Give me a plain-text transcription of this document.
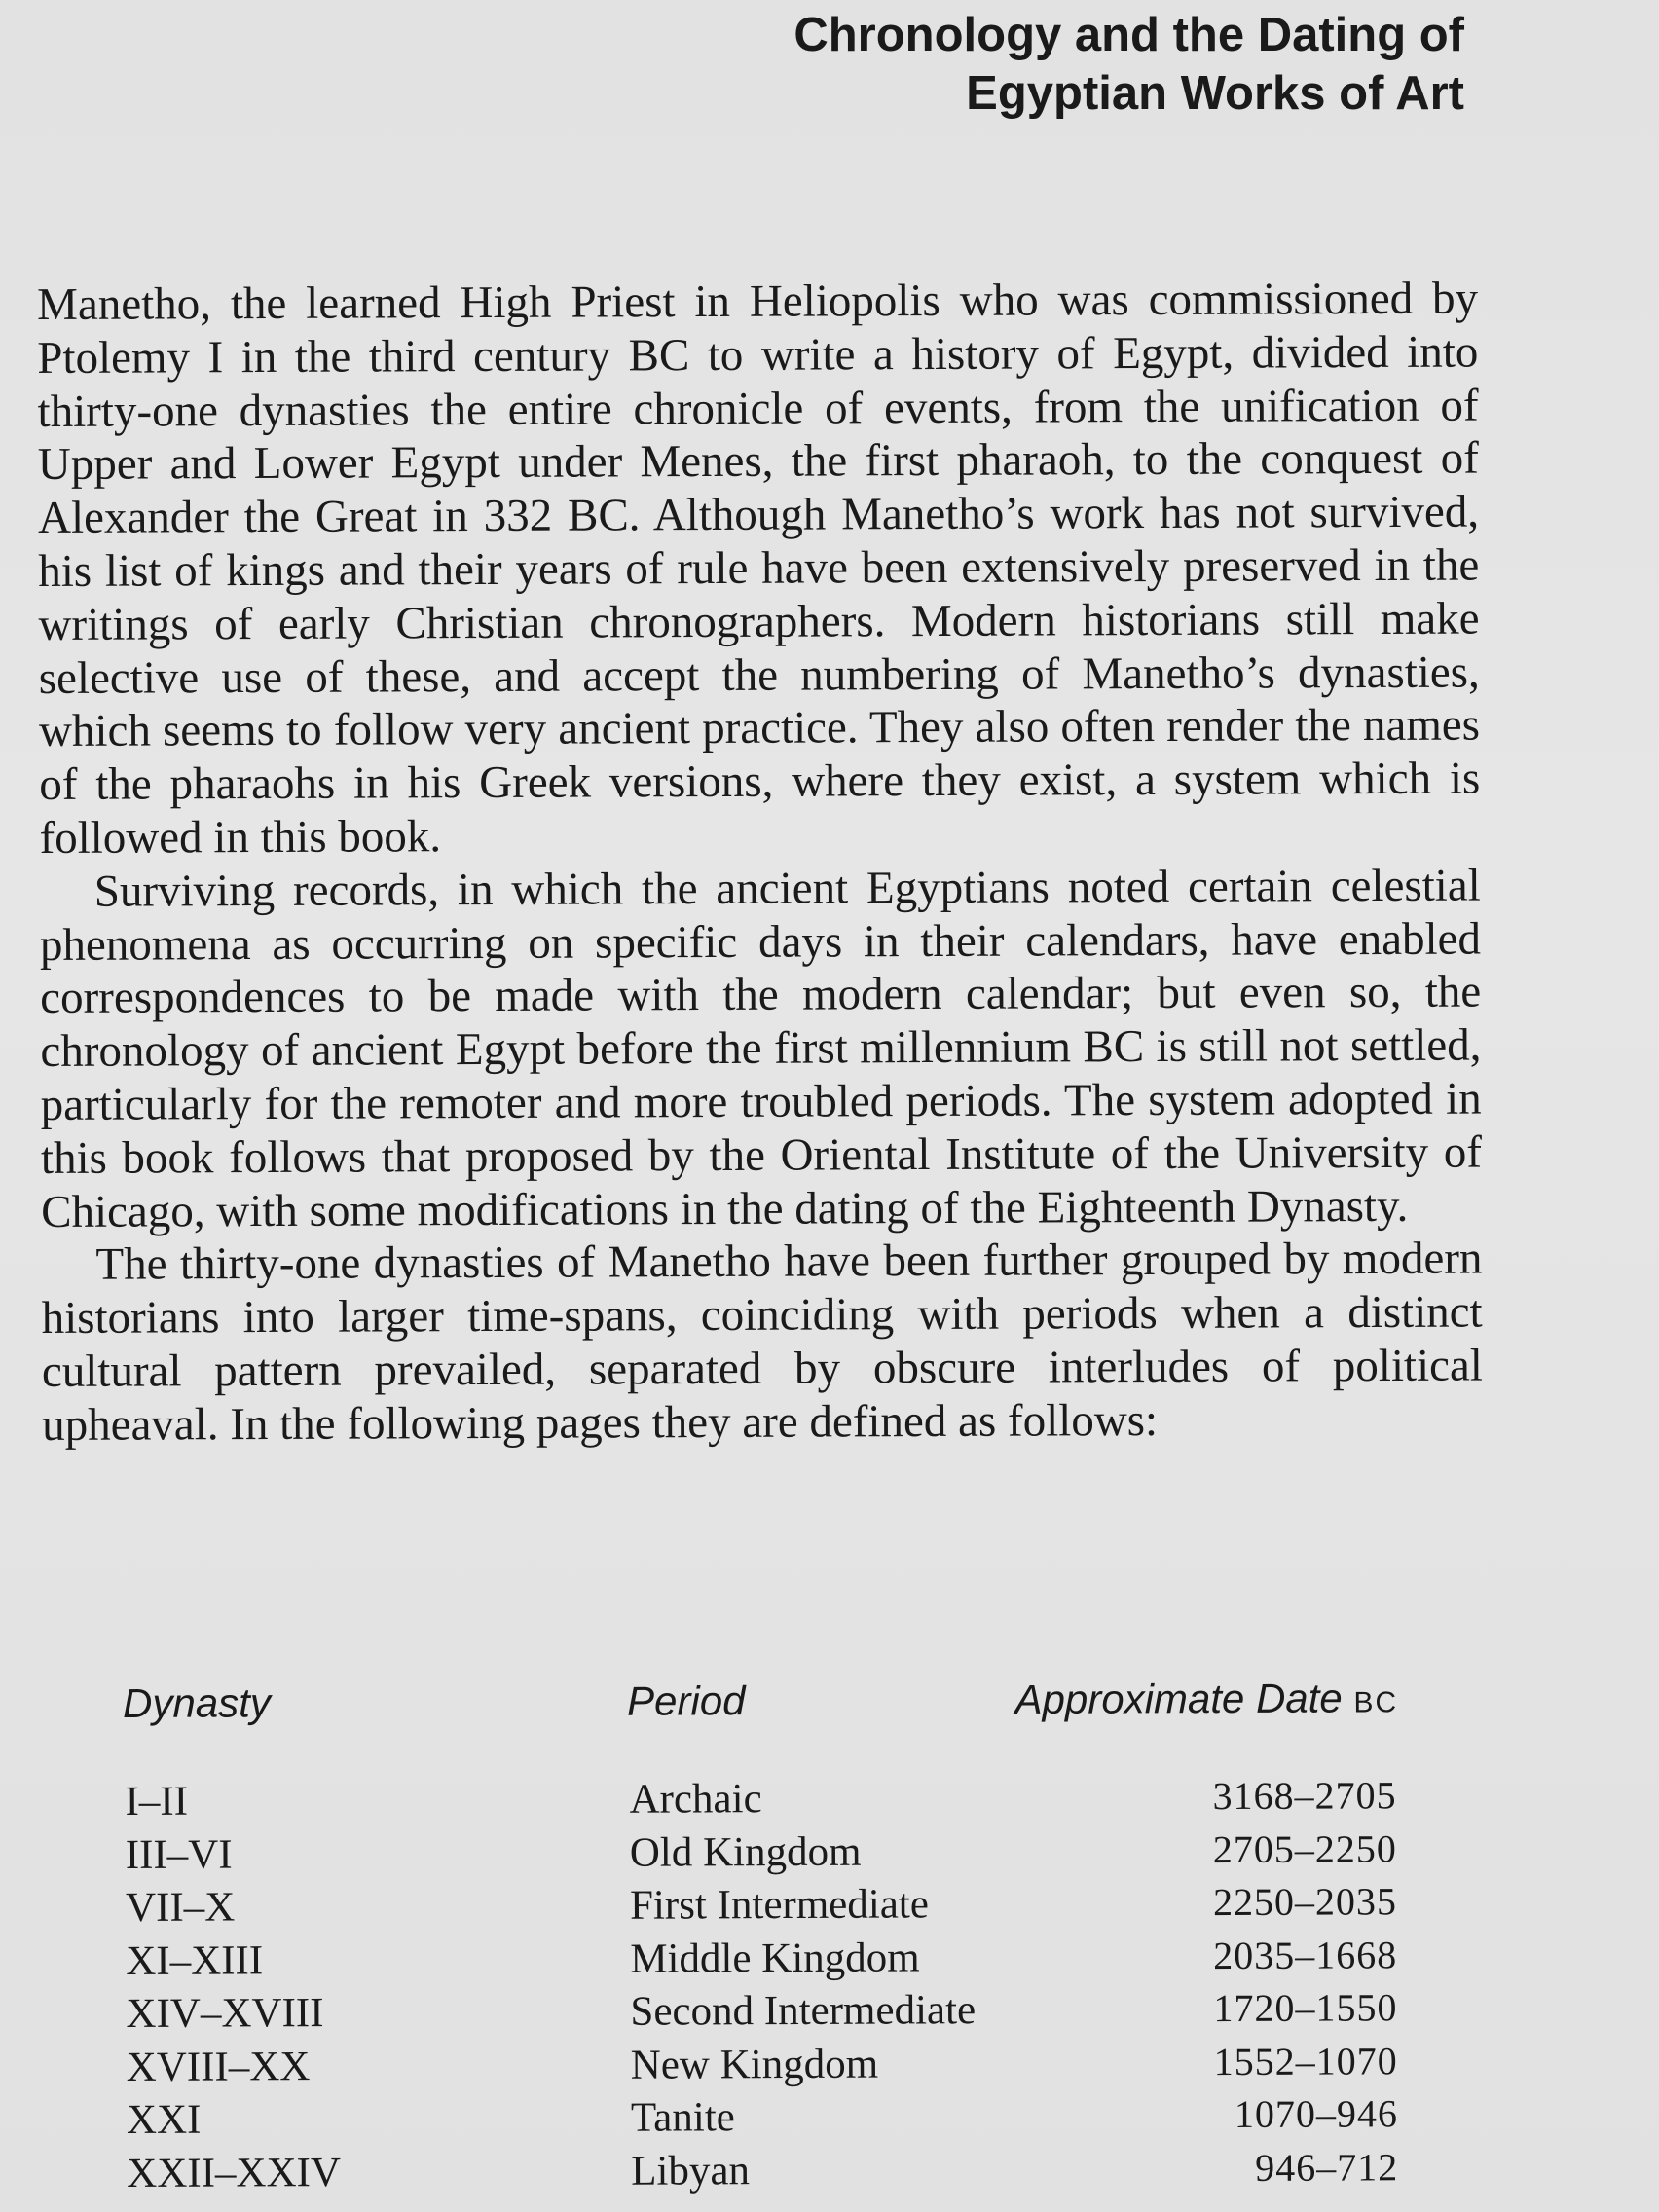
Chronology and the Dating of
Egyptian Works of Art

Manetho, the learned High Priest in Heliopolis who was commissioned by Ptolemy I in the third century BC to write a history of Egypt, divided into thirty-one dynasties the entire chronicle of events, from the unification of Upper and Lower Egypt under Menes, the first pharaoh, to the conquest of Alexander the Great in 332 BC. Although Manetho’s work has not survived, his list of kings and their years of rule have been extensively preserved in the writings of early Christian chronographers. Modern historians still make selective use of these, and accept the numbering of Manetho’s dynasties, which seems to follow very ancient practice. They also often render the names of the pharaohs in his Greek versions, where they exist, a system which is followed in this book.

Surviving records, in which the ancient Egyptians noted certain celestial phenomena as occurring on specific days in their calendars, have enabled correspondences to be made with the modern calendar; but even so, the chronology of ancient Egypt before the first millennium BC is still not settled, particularly for the remoter and more troubled periods. The system adopted in this book follows that proposed by the Oriental Institute of the University of Chicago, with some modifications in the dating of the Eighteenth Dynasty.

The thirty-one dynasties of Manetho have been further grouped by modern historians into larger time-spans, coinciding with periods when a distinct cultural pattern prevailed, separated by obscure interludes of political upheaval. In the following pages they are defined as follows:

Dynasty	Period	Approximate Date BC
I–II	Archaic	3168–2705
III–VI	Old Kingdom	2705–2250
VII–X	First Intermediate	2250–2035
XI–XIII	Middle Kingdom	2035–1668
XIV–XVIII	Second Intermediate	1720–1550
XVIII–XX	New Kingdom	1552–1070
XXI	Tanite	1070–946
XXII–XXIV	Libyan	946–712
